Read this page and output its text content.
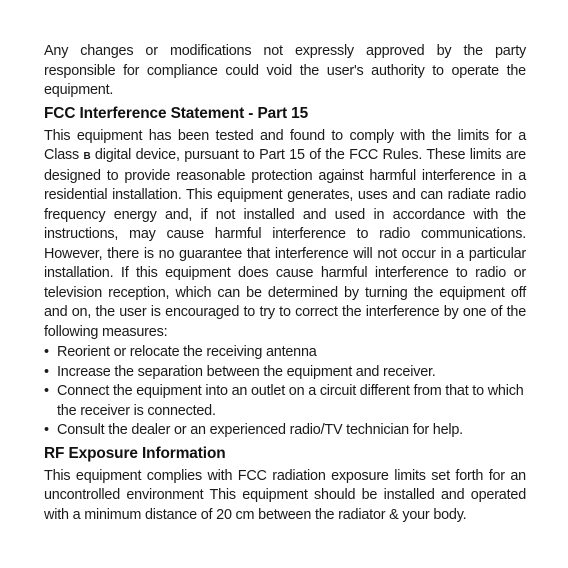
Any changes or modifications not expressly approved by the party responsible for compliance could void the user's authority to operate the equipment.

FCC Interference Statement - Part 15

This equipment has been tested and found to comply with the limits for a Class B digital device, pursuant to Part 15 of the FCC Rules. These limits are designed to provide reasonable protection against harmful interference in a residential installation. This equipment generates, uses and can radiate radio frequency energy and, if not installed and used in accordance with the instructions, may cause harmful interference to radio communications. However, there is no guarantee that interference will not occur in a particular installation. If this equipment does cause harmful interference to radio or television reception, which can be determined by turning the equipment off and on, the user is encouraged to try to correct the interference by one of the following measures:

• Reorient or relocate the receiving antenna
• Increase the separation between the equipment and receiver.
• Connect the equipment into an outlet on a circuit different from that to which the receiver is connected.
• Consult the dealer or an experienced radio/TV technician for help.
RF Exposure Information

This equipment complies with FCC radiation exposure limits set forth for an uncontrolled environment This equipment should be installed and operated with a minimum distance of 20 cm between the radiator & your body.
